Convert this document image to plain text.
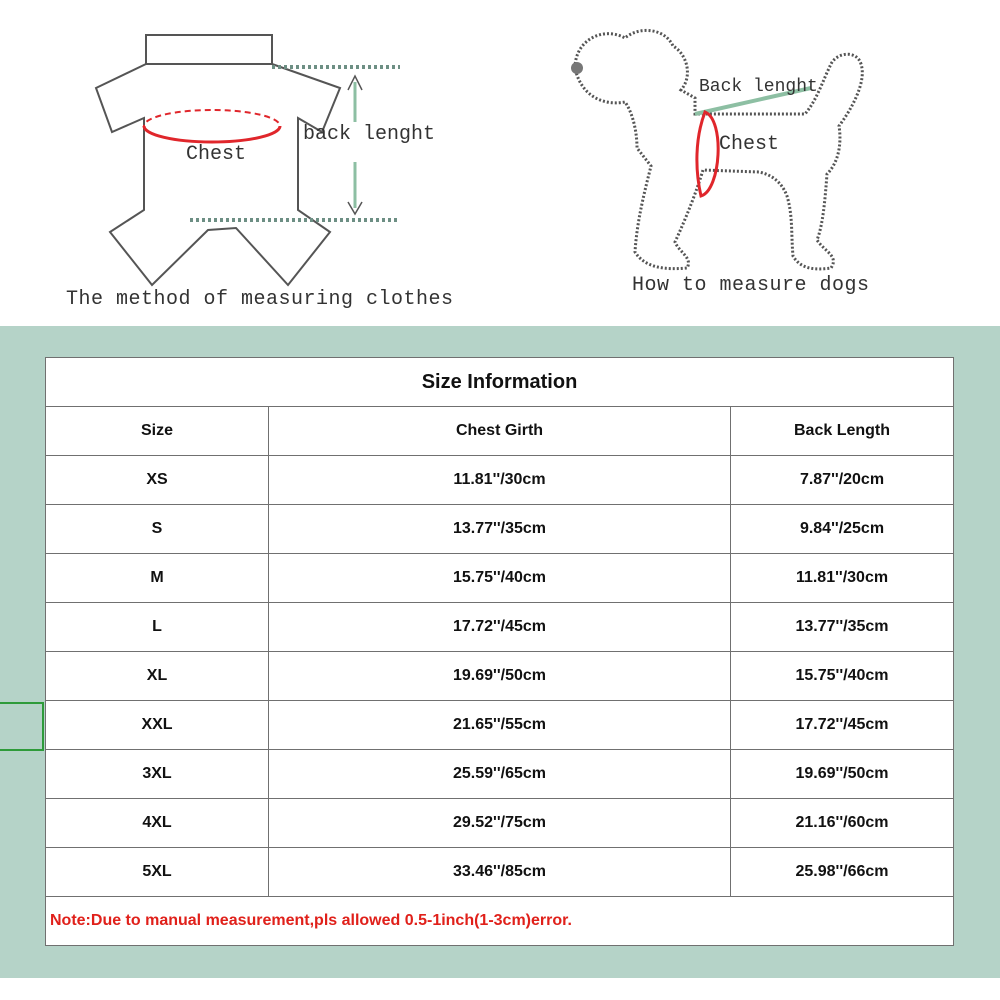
Chest
back lenght
The method of measuring clothes
Back lenght
Chest
How to measure dogs
Size Information		
Size	Chest Girth	Back Length
XS	11.81''/30cm	7.87''/20cm
S	13.77''/35cm	9.84''/25cm
M	15.75''/40cm	11.81''/30cm
L	17.72''/45cm	13.77''/35cm
XL	19.69''/50cm	15.75''/40cm
XXL	21.65''/55cm	17.72''/45cm
3XL	25.59''/65cm	19.69''/50cm
4XL	29.52''/75cm	21.16''/60cm
5XL	33.46''/85cm	25.98''/66cm
Note:Due to manual measurement,pls allowed 0.5-1inch(1-3cm)error.		
